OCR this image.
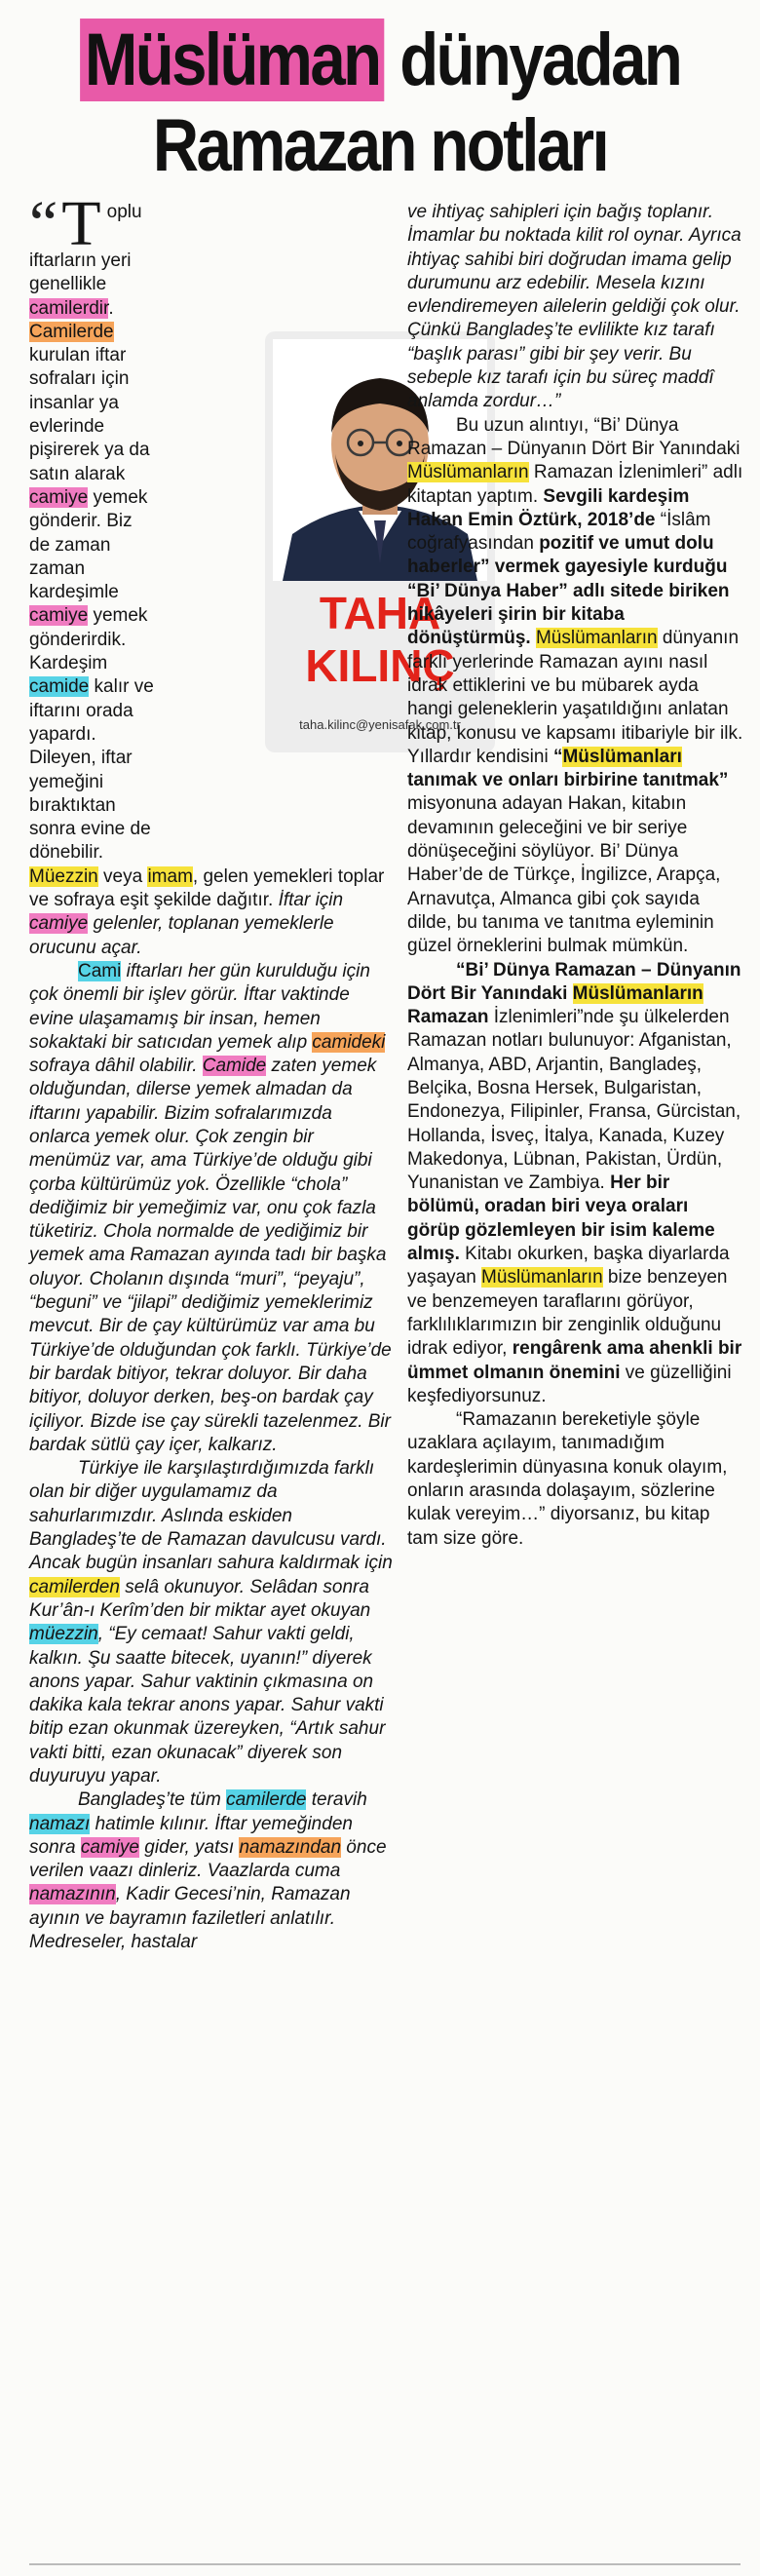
Müslüman dünyadan
Ramazan notları
TAHA
KILINÇ
taha.kilinc@yenisafak.com.tr

“ T oplu iftarların yeri genellikle camilerdir. Camilerde kurulan iftar sofraları için insanlar ya evlerinde pişirerek ya da satın alarak camiye yemek gönderir. Biz de zaman zaman kardeşimle camiye yemek gönderirdik. Kardeşim camide kalır ve iftarını orada yapardı. Dileyen, iftar yemeğini bıraktıktan sonra evine de dönebilir. Müezzin veya imam, gelen yemekleri toplar ve sofraya eşit şekilde dağıtır. İftar için camiye gelenler, toplanan yemeklerle orucunu açar.

Cami iftarları her gün kurulduğu için çok önemli bir işlev görür. İftar vaktinde evine ulaşamamış bir insan, hemen sokaktaki bir satıcıdan yemek alıp camideki sofraya dâhil olabilir. Camide zaten yemek olduğundan, dilerse yemek almadan da iftarını yapabilir. Bizim sofralarımızda onlarca yemek olur. Çok zengin bir menümüz var, ama Türkiye’de olduğu gibi çorba kültürümüz yok. Özellikle “chola” dediğimiz bir yemeğimiz var, onu çok fazla tüketiriz. Chola normalde de yediğimiz bir yemek ama Ramazan ayında tadı bir başka oluyor. Cholanın dışında “muri”, “peyaju”, “beguni” ve “jilapi” dediğimiz yemeklerimiz mevcut. Bir de çay kültürümüz var ama bu Türkiye’de olduğundan çok farklı. Türkiye’de bir bardak bitiyor, tekrar doluyor. Bir daha bitiyor, doluyor derken, beş-on bardak çay içiliyor. Bizde ise çay sürekli tazelenmez. Bir bardak sütlü çay içer, kalkarız.

Türkiye ile karşılaştırdığımızda farklı olan bir diğer uygulamamız da sahurlarımızdır. Aslında eskiden Bangladeş’te de Ramazan davulcusu vardı. Ancak bugün insanları sahura kaldırmak için camilerden selâ okunuyor. Selâdan sonra Kur’ân-ı Kerîm’den bir miktar ayet okuyan müezzin, “Ey cemaat! Sahur vakti geldi, kalkın. Şu saatte bitecek, uyanın!” diyerek anons yapar. Sahur vaktinin çıkmasına on dakika kala tekrar anons yapar. Sahur vakti bitip ezan okunmak üzereyken, “Artık sahur vakti bitti, ezan okunacak” diyerek son duyuruyu yapar.

Bangladeş’te tüm camilerde teravih namazı hatimle kılınır. İftar yemeğinden sonra camiye gider, yatsı namazından önce verilen vaazı dinleriz. Vaazlarda cuma namazının, Kadir Gecesi’nin, Ramazan ayının ve bayramın faziletleri anlatılır. Medreseler, hastalar

ve ihtiyaç sahipleri için bağış toplanır. İmamlar bu noktada kilit rol oynar. Ayrıca ihtiyaç sahibi biri doğrudan imama gelip durumunu arz edebilir. Mesela kızını evlendiremeyen ailelerin geldiği çok olur. Çünkü Bangladeş’te evlilikte kız tarafı “başlık parası” gibi bir şey verir. Bu sebeple kız tarafı için bu süreç maddî anlamda zordur…”

Bu uzun alıntıyı, “Bi’ Dünya Ramazan – Dünyanın Dört Bir Yanındaki Müslümanların Ramazan İzlenimleri” adlı kitaptan yaptım. Sevgili kardeşim Hakan Emin Öztürk, 2018’de “İslâm coğrafyasından pozitif ve umut dolu haberler” vermek gayesiyle kurduğu “Bi’ Dünya Haber” adlı sitede biriken hikâyeleri şirin bir kitaba dönüştürmüş. Müslümanların dünyanın farklı yerlerinde Ramazan ayını nasıl idrak ettiklerini ve bu mübarek ayda hangi geleneklerin yaşatıldığını anlatan kitap, konusu ve kapsamı itibariyle bir ilk. Yıllardır kendisini “Müslümanları tanımak ve onları birbirine tanıtmak” misyonuna adayan Hakan, kitabın devamının geleceğini ve bir seriye dönüşeceğini söylüyor. Bi’ Dünya Haber’de de Türkçe, İngilizce, Arapça, Arnavutça, Almanca gibi çok sayıda dilde, bu tanıma ve tanıtma eyleminin güzel örneklerini bulmak mümkün.

“Bi’ Dünya Ramazan – Dünyanın Dört Bir Yanındaki Müslümanların Ramazan İzlenimleri”nde şu ülkelerden Ramazan notları bulunuyor: Afganistan, Almanya, ABD, Arjantin, Bangladeş, Belçika, Bosna Hersek, Bulgaristan, Endonezya, Filipinler, Fransa, Gürcistan, Hollanda, İsveç, İtalya, Kanada, Kuzey Makedonya, Lübnan, Pakistan, Ürdün, Yunanistan ve Zambiya. Her bir bölümü, oradan biri veya oraları görüp gözlemleyen bir isim kaleme almış. Kitabı okurken, başka diyarlarda yaşayan Müslümanların bize benzeyen ve benzemeyen taraflarını görüyor, farklılıklarımızın bir zenginlik olduğunu idrak ediyor, rengârenk ama ahenkli bir ümmet olmanın önemini ve güzelliğini keşfediyorsunuz.

“Ramazanın bereketiyle şöyle uzaklara açılayım, tanımadığım kardeşlerimin dünyasına konuk olayım, onların arasında dolaşayım, sözlerine kulak vereyim…” diyorsanız, bu kitap tam size göre.
